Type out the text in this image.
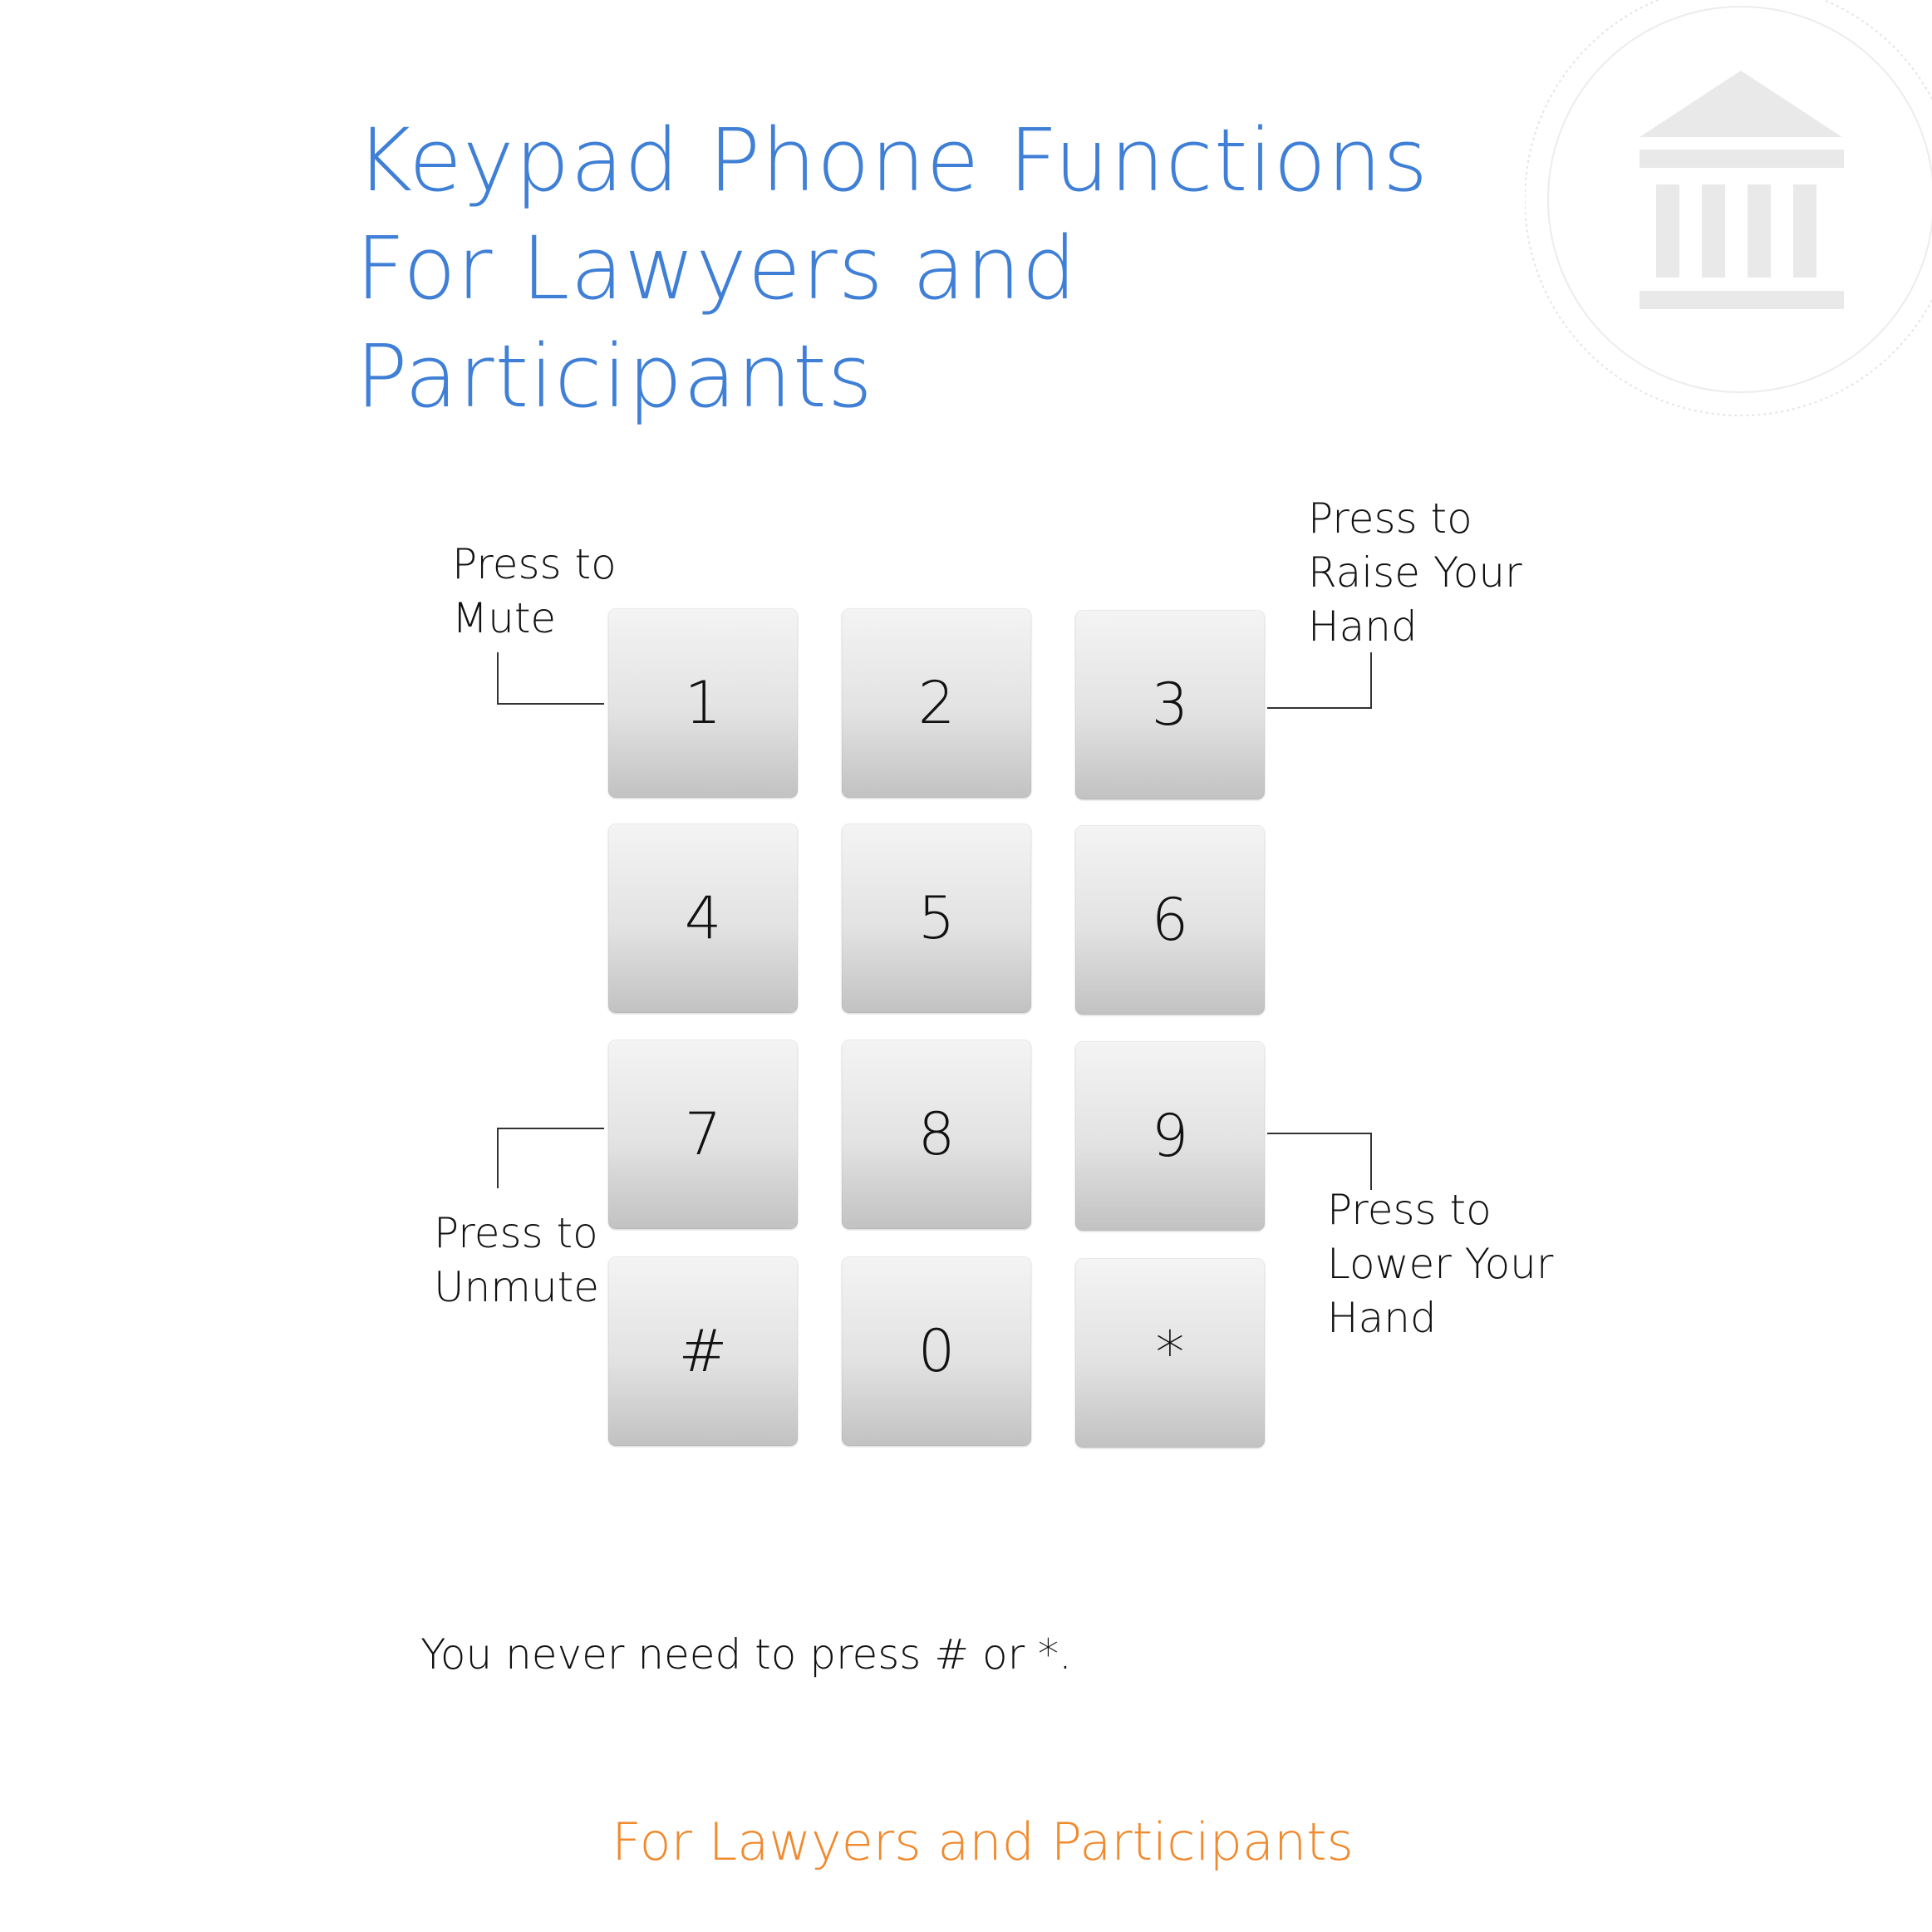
Keypad Phone Functions
For Lawyers and
Participants
1	2	3
4	5	6
7	8	9
#	0	*
Press to
Mute
Press to
Raise Your
Hand
Press to
Unmute
Press to
Lower Your
Hand
You never need to press # or *.
For Lawyers and Participants
